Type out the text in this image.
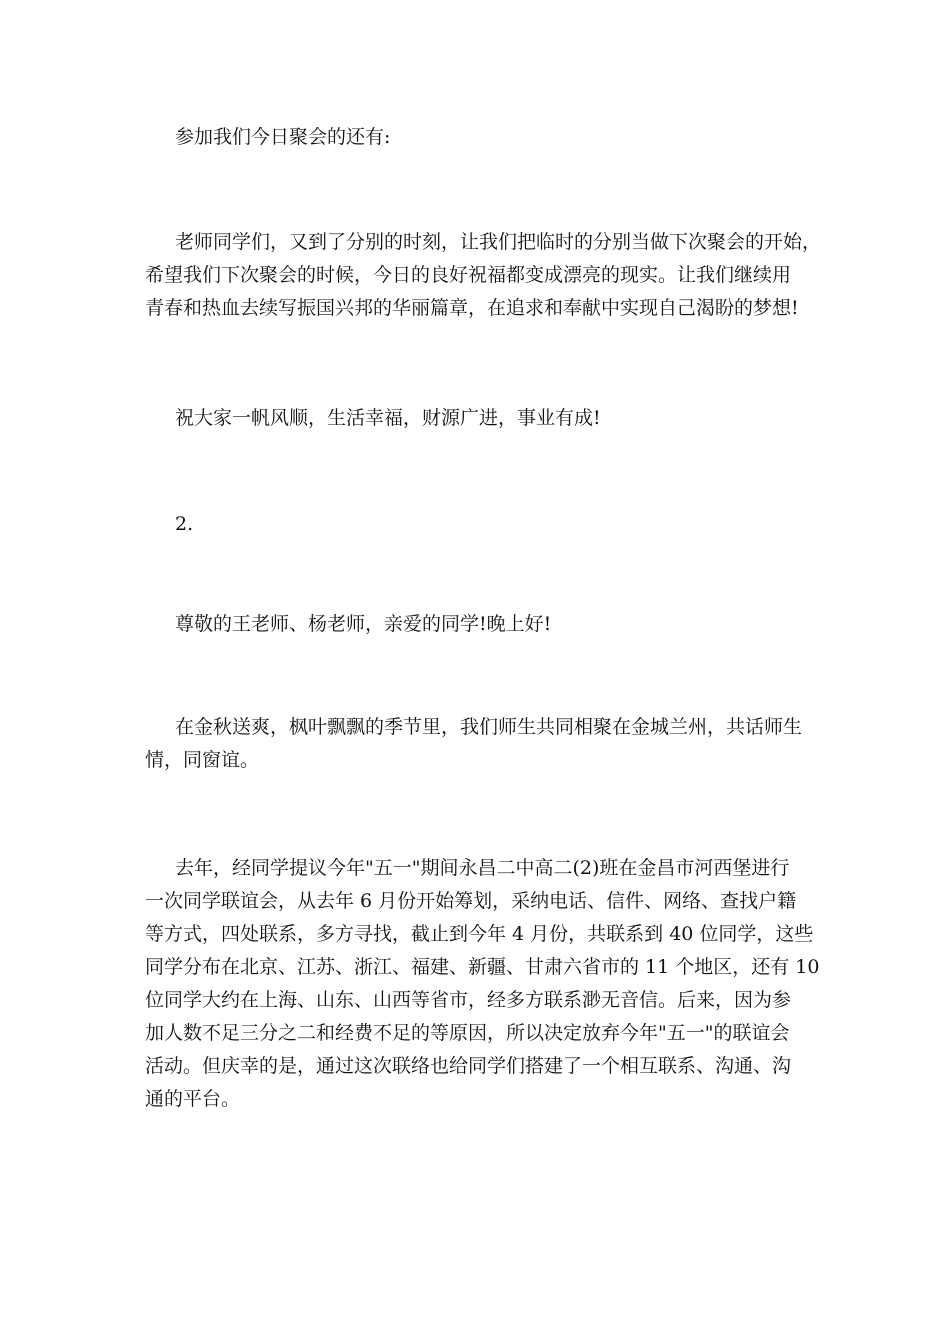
参加我们今日聚会的还有:
老师同学们，又到了分别的时刻，让我们把临时的分别当做下次聚会的开始，
希望我们下次聚会的时候，今日的良好祝福都变成漂亮的现实。让我们继续用
青春和热血去续写振国兴邦的华丽篇章，在追求和奉献中实现自己渴盼的梦想!
祝大家一帆风顺，生活幸福，财源广进，事业有成!
2.
尊敬的王老师、杨老师，亲爱的同学!晚上好!
在金秋送爽，枫叶飘飘的季节里，我们师生共同相聚在金城兰州，共话师生
情，同窗谊。
去年，经同学提议今年"五一"期间永昌二中高二(2)班在金昌市河西堡进行
一次同学联谊会，从去年 6 月份开始筹划，采纳电话、信件、网络、查找户籍
等方式，四处联系，多方寻找，截止到今年 4 月份，共联系到 40 位同学，这些
同学分布在北京、江苏、浙江、福建、新疆、甘肃六省市的 11 个地区，还有 10
位同学大约在上海、山东、山西等省市，经多方联系渺无音信。后来，因为参
加人数不足三分之二和经费不足的等原因，所以决定放弃今年"五一"的联谊会
活动。但庆幸的是，通过这次联络也给同学们搭建了一个相互联系、沟通、沟
通的平台。
